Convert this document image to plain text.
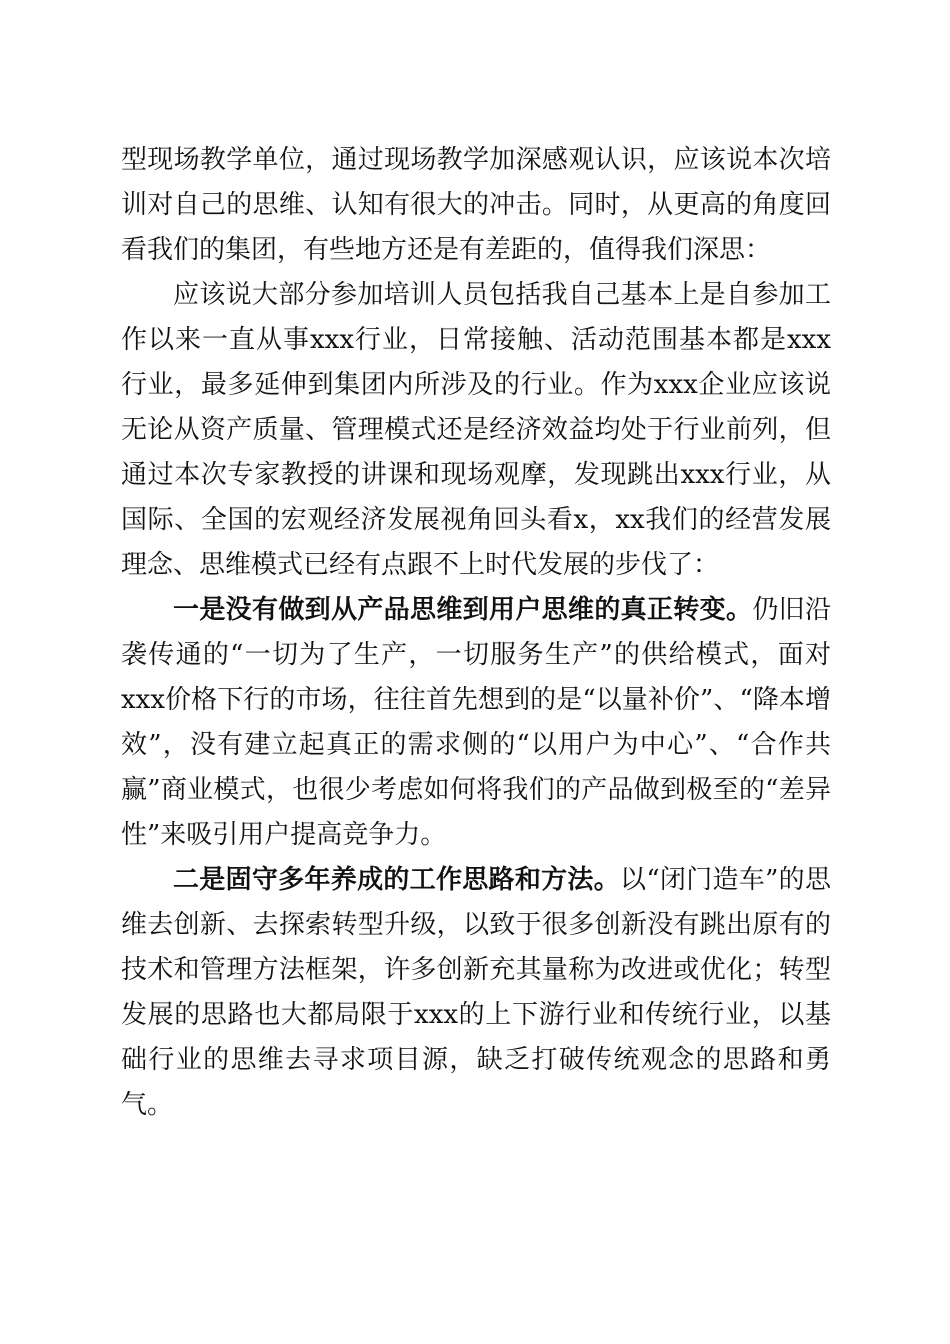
型现场教学单位，通过现场教学加深感观认识，应该说本次培训对自己的思维、认知有很大的冲击。同时，从更高的角度回看我们的集团，有些地方还是有差距的，值得我们深思：

应该说大部分参加培训人员包括我自己基本上是自参加工作以来一直从事xxx行业，日常接触、活动范围基本都是xxx行业，最多延伸到集团内所涉及的行业。作为xxx企业应该说无论从资产质量、管理模式还是经济效益均处于行业前列，但通过本次专家教授的讲课和现场观摩，发现跳出xxx行业，从国际、全国的宏观经济发展视角回头看x，xx我们的经营发展理念、思维模式已经有点跟不上时代发展的步伐了：

一是没有做到从产品思维到用户思维的真正转变。仍旧沿袭传通的“一切为了生产，一切服务生产”的供给模式，面对xxx价格下行的市场，往往首先想到的是“以量补价”、“降本增效”，没有建立起真正的需求侧的“以用户为中心”、“合作共赢”商业模式，也很少考虑如何将我们的产品做到极至的“差异性”来吸引用户提高竞争力。

二是固守多年养成的工作思路和方法。以“闭门造车”的思维去创新、去探索转型升级，以致于很多创新没有跳出原有的技术和管理方法框架，许多创新充其量称为改进或优化；转型发展的思路也大都局限于xxx的上下游行业和传统行业，以基础行业的思维去寻求项目源，缺乏打破传统观念的思路和勇气。
